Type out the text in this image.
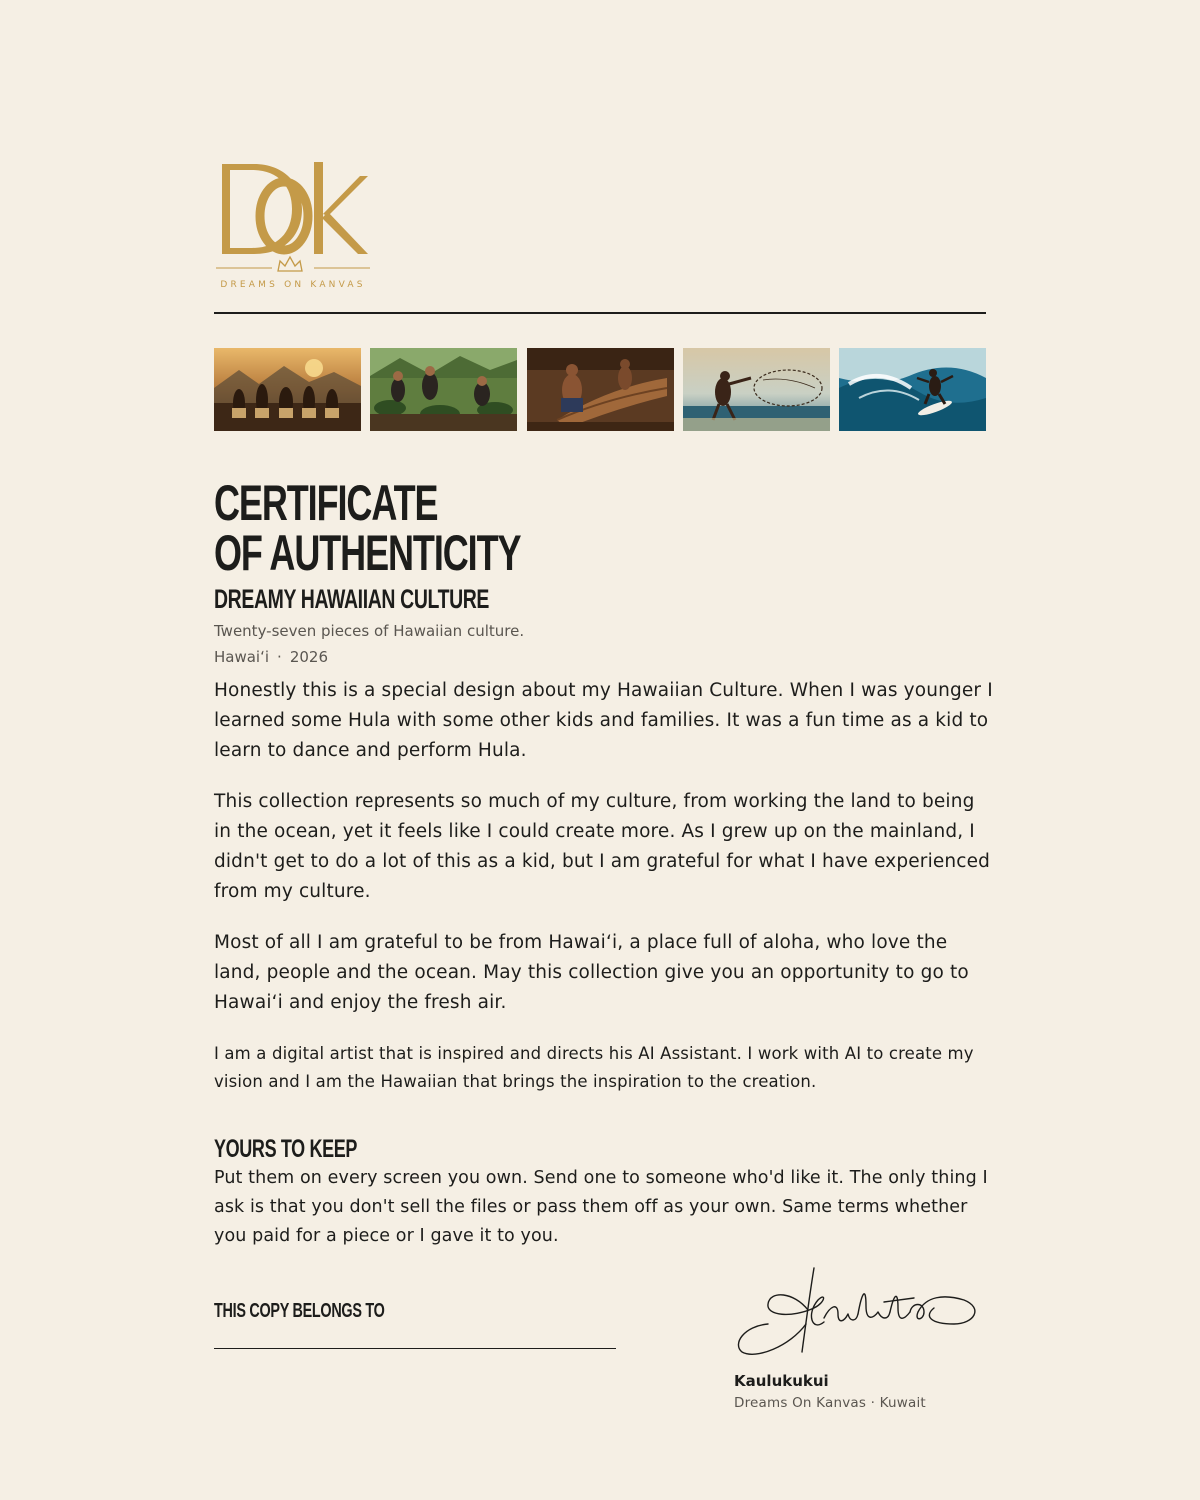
DREAMS ON KANVAS
CERTIFICATE
OF AUTHENTICITY
DREAMY HAWAIIAN CULTURE
Twenty-seven pieces of Hawaiian culture.
Hawaiʻi · 2026

Honestly this is a special design about my Hawaiian Culture. When I was younger I learned some Hula with some other kids and families. It was a fun time as a kid to learn to dance and perform Hula.

This collection represents so much of my culture, from working the land to being in the ocean, yet it feels like I could create more. As I grew up on the mainland, I didn't get to do a lot of this as a kid, but I am grateful for what I have experienced from my culture.

Most of all I am grateful to be from Hawaiʻi, a place full of aloha, who love the land, people and the ocean. May this collection give you an opportunity to go to Hawaiʻi and enjoy the fresh air.

I am a digital artist that is inspired and directs his AI Assistant. I work with AI to create my vision and I am the Hawaiian that brings the inspiration to the creation.

YOURS TO KEEP

Put them on every screen you own. Send one to someone who'd like it. The only thing I ask is that you don't sell the files or pass them off as your own. Same terms whether you paid for a piece or I gave it to you.

THIS COPY BELONGS TO
Kaulukukui
Dreams On Kanvas · Kuwait
